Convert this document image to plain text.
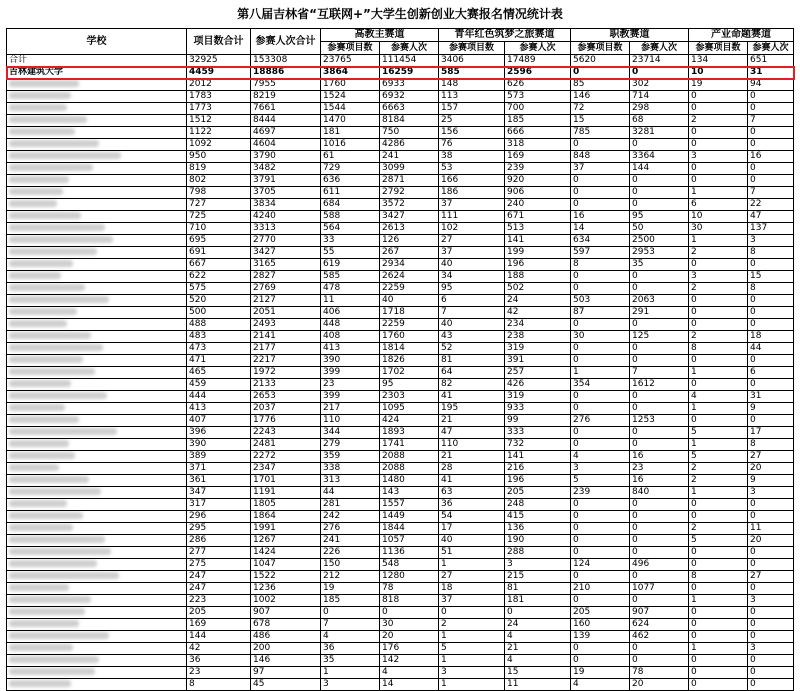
第八届吉林省“互联网+”大学生创新创业大赛报名情况统计表
学校	项目数合计	参赛人次合计	高教主赛道		青年红色筑梦之旅赛道		职教赛道		产业命题赛道	
			参赛项目数	参赛人次	参赛项目数	参赛人次	参赛项目数	参赛人次	参赛项目数	参赛人次
合计	32925	153308	23765	111454	3406	17489	5620	23714	134	651
吉林建筑大学	4459	18886	3864	16259	585	2596	0	0	10	31
	2012	7955	1760	6933	148	626	85	302	19	94
	1783	8219	1524	6932	113	573	146	714	0	0
	1773	7661	1544	6663	157	700	72	298	0	0
	1512	8444	1470	8184	25	185	15	68	2	7
	1122	4697	181	750	156	666	785	3281	0	0
	1092	4604	1016	4286	76	318	0	0	0	0
	950	3790	61	241	38	169	848	3364	3	16
	819	3482	729	3099	53	239	37	144	0	0
	802	3791	636	2871	166	920	0	0	0	0
	798	3705	611	2792	186	906	0	0	1	7
	727	3834	684	3572	37	240	0	0	6	22
	725	4240	588	3427	111	671	16	95	10	47
	710	3313	564	2613	102	513	14	50	30	137
	695	2770	33	126	27	141	634	2500	1	3
	691	3427	55	267	37	199	597	2953	2	8
	667	3165	619	2934	40	196	8	35	0	0
	622	2827	585	2624	34	188	0	0	3	15
	575	2769	478	2259	95	502	0	0	2	8
	520	2127	11	40	6	24	503	2063	0	0
	500	2051	406	1718	7	42	87	291	0	0
	488	2493	448	2259	40	234	0	0	0	0
	483	2141	408	1760	43	238	30	125	2	18
	473	2177	413	1814	52	319	0	0	8	44
	471	2217	390	1826	81	391	0	0	0	0
	465	1972	399	1702	64	257	1	7	1	6
	459	2133	23	95	82	426	354	1612	0	0
	444	2653	399	2303	41	319	0	0	4	31
	413	2037	217	1095	195	933	0	0	1	9
	407	1776	110	424	21	99	276	1253	0	0
	396	2243	344	1893	47	333	0	0	5	17
	390	2481	279	1741	110	732	0	0	1	8
	389	2272	359	2088	21	141	4	16	5	27
	371	2347	338	2088	28	216	3	23	2	20
	361	1701	313	1480	41	196	5	16	2	9
	347	1191	44	143	63	205	239	840	1	3
	317	1805	281	1557	36	248	0	0	0	0
	296	1864	242	1449	54	415	0	0	0	0
	295	1991	276	1844	17	136	0	0	2	11
	286	1267	241	1057	40	190	0	0	5	20
	277	1424	226	1136	51	288	0	0	0	0
	275	1047	150	548	1	3	124	496	0	0
	247	1522	212	1280	27	215	0	0	8	27
	247	1236	19	78	18	81	210	1077	0	0
	223	1002	185	818	37	181	0	0	1	3
	205	907	0	0	0	0	205	907	0	0
	169	678	7	30	2	24	160	624	0	0
	144	486	4	20	1	4	139	462	0	0
	42	200	36	176	5	21	0	0	1	3
	36	146	35	142	1	4	0	0	0	0
	23	97	1	4	3	15	19	78	0	0
	8	45	3	14	1	11	4	20	0	0
